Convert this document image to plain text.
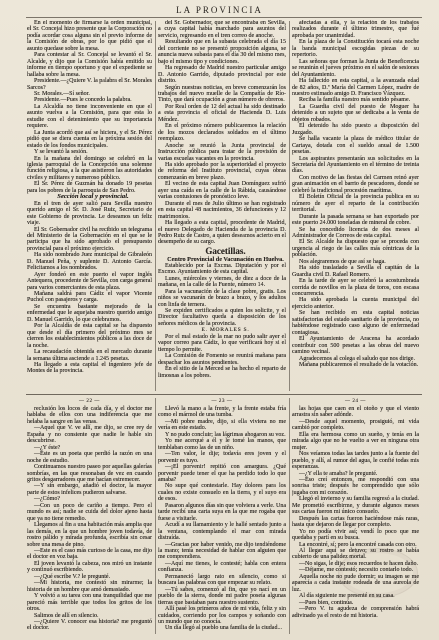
LA PROVINCIA

En el momento de firmarse la orden municipal, el Sr. Concejal hizo presente que la Corporación no podía acordar cosa alguna sin el previo informe de la Comisión de obras, por lo que pidió que el asunto quedase sobre la mesa.

Para contestar al Sr. Concejal se levantó el Sr. Alcalde, y dijo que la Comisión había emitido su informe en tiempo oportuno y que el expediente se hallaba sobre la mesa.

Presidente.—¿Quiere V. la palabra el Sr. Morales Sarcos?

Sr. Morales.—Sí señor.

Presidente.—Pues le concedo la palabra.

La Alcaldía no tiene inconveniente en que el asunto vuelva a la Comisión, para que esta lo estudie con el detenimiento que su importancia requiere.

La Junta acordó que así se hiciera, y el Sr. Pérez pidió que se diera cuenta en la próxima sesión del estado de los fondos municipales.

Y se levantó la sesión.

En la mañana del domingo se celebró en la iglesia parroquial de la Concepción una solemne función religiosa, a la que asistieron las autoridades civiles y militares y numeroso público.

El Sr. Pérez de Guzmán ha donado 19 pesetas para los pobres de la parroquia de San Pedro.

Sección local y provincial.

En el tren de ayer salió para Sevilla nuestro querido amigo el Sr. D. José Ruiz, Secretario de este Gobierno de provincia. Le deseamos un feliz viaje.

El Sr. Gobernador civil ha recibido un telegrama del Ministerio de la Gobernación en el que se le participa que ha sido aprobado el presupuesto provincial para el próximo ejercicio.

Ha sido nombrado Juez municipal de Gibraleón D. Manuel Peña, y suplente D. Antonio García. Felicitamos a los nombrados.

Ayer fondeó en este puerto el vapor inglés Antequera, procedente de Sevilla, con carga general para varios comerciantes de esta plaza.

Mañana saldrá para Cádiz el vapor Vicente Puchol con pasajeros y carga.

Se encuentra bastante mejorado de la enfermedad que le aquejaba nuestro querido amigo D. Manuel Garrido, lo que celebramos.

Por la Alcaldía de esta capital se ha dispuesto que desde el día primero del próximo mes se cierren los establecimientos públicos a las doce de la noche.

La recaudación obtenida en el mercado durante la semana última asciende a 1.245 pesetas.

Ha llegado a esta capital el ingeniero jefe de Montes de la provincia.

del Sr. Gobernador, que se encontraba en Sevilla, a cuya capital había marchado para asuntos del servicio, regresando en el tren correo de anoche.

Resultando que en la subasta celebrada el día 15 del corriente no se presentó proposición alguna, se anuncia nueva subasta para el día 30 del mismo mes, bajo el mismo tipo y condiciones.

Ha regresado de Madrid nuestro particular amigo D. Antonio Garrido, diputado provincial por este distrito.

Según nuestras noticias, en breve comenzarán los trabajos del nuevo muelle de la Compañía de Río-Tinto, que dará ocupación a gran número de obreros.

Por Real orden de 12 del actual ha sido destinado a esta provincia el oficial de Hacienda D. Luis Méndez.

En el próximo número publicaremos la relación de los mozos declarados soldados en el último reemplazo.

Anoche se reunió la Junta provincial de Instrucción pública para tratar de la provisión de varias escuelas vacantes en la provincia.

Ha sido aprobado por la superioridad el proyecto de reforma del Instituto provincial, cuyas obras comenzarán en breve plazo.

El vecino de esta capital Juan Domínguez sufrió ayer una caída en la calle de la Rábida, causándose varias contusiones de pronóstico leve.

Durante el mes de Julio último se han registrado en esta capital 48 nacimientos, 36 defunciones y 12 matrimonios.

Ha llegado a esta capital, procedente de Madrid, el nuevo Delegado de Hacienda de la provincia D. Pedro Ruiz de Castro, a quien deseamos acierto en el desempeño de su cargo.

Gacetillas.

Centro Provincial de Vacunación en Huelva.

Establecido por la Excma. Diputación y por el Excmo. Ayuntamiento de esta capital.

Lunes, miércoles y viernes, de diez a doce de la mañana, en la calle de la Fuente, número 14.

Para la vacunación de la clase pobre, gratis. Los niños se vacunarán de brazo a brazo, y los adultos con linfa de ternera.

Se expiden certificados a quien los solicite, y el Director facultativo queda a disposición de los señores médicos de la provincia.

E. MORALES S.

Por el mal estado de la mar no pudo salir ayer el vapor correo para Cádiz, lo que verificará hoy si el tiempo lo permite.

La Comisión de Fomento se reunirá mañana para despachar los asuntos pendientes.

En el sitio de la Merced se ha hecho el reparto de limosnas a los pobres.

afectadas a ella, y la relación de los trabajos realizados durante el último trimestre, que fué aprobada por unanimidad.

En la plaza de la Constitución tocará esta noche la banda municipal escogidas piezas de su repertorio.

Las señoras que forman la Junta de Beneficencia se reunirán el jueves próximo en el salón de sesiones del Ayuntamiento.

Ha fallecido en esta capital, a la avanzada edad de 82 años, D.ª María del Carmen López, madre de nuestro estimado amigo D. Francisco Vázquez.

Reciba la familia nuestro más sentido pésame.

La Guardia civil del puesto de Moguer ha detenido a un sujeto que se dedicaba a la venta de objetos robados.

El detenido ha sido puesto a disposición del Juzgado.

Se halla vacante la plaza de médico titular de Cartaya, dotada con el sueldo anual de 1.500 pesetas.

Los aspirantes presentarán sus solicitudes en la Secretaría del Ayuntamiento en el término de treinta días.

Con motivo de las fiestas del Carmen reinó ayer gran animación en el barrio de pescadores, donde se celebró la tradicional procesión marítima.

El Boletín Oficial de la provincia publica en su número de ayer el reparto de la contribución territorial.

Durante la pasada semana se han exportado por este puerto 24.000 toneladas de mineral de cobre.

Se ha concedido licencia de dos meses al Administrador de Correos de esta capital.

El Sr. Alcalde ha dispuesto que se proceda con urgencia al riego de las calles más céntricas de la población.

Nos alegraremos de que así se haga.

Ha sido trasladado a Sevilla el capitán de la Guardia civil D. Rafael Romero.

En la tarde de ayer se celebró la acostumbrada corrida de novillos en la plaza de toros, con escasa concurrencia.

Ha sido aprobada la cuenta municipal del ejercicio anterior.

Se han recibido en esta capital noticias satisfactorias del estado sanitario de la provincia, no habiéndose registrado caso alguno de enfermedad contagiosa.

El Ayuntamiento de Aracena ha acordado contribuir con 500 pesetas a las obras del nuevo camino vecinal.

Agradecemos al colega el saludo que nos dirige.

Mañana publicaremos el resultado de la votación.

— 22 —

reclusión los locos de cada día, y el doctor me hablaba de ellos con una indiferencia que me helaba la sangre en las venas.

—Aquel que V. ve allí, me dijo, se cree rey de España y no consiente que nadie le hable sin descubrirse.

—¿Y éste?

—Éste es un poeta que perdió la razón en una noche de estudio.

Continuamos nuestro paseo por aquellas galerías sombrías, en las que resonaban de vez en cuando gritos desgarradores que me hacían estremecer.

—Y sin embargo, añadió el doctor, la mayor parte de estos infelices pudieron salvarse.

—¿Cómo?

—Con un poco de cariño a tiempo. Pero el mundo es así; nadie se cuida del dolor ajeno hasta que ya no tiene remedio.

Llegamos al fin a una habitación más amplia que las demás, en la que un hombre joven todavía, de rostro pálido y mirada profunda, escribía sin cesar sobre una mesa de pino.

—Este es el caso más curioso de la casa, me dijo el doctor en voz baja.

El joven levantó la cabeza, nos miró un instante y continuó escribiendo.

—¿Qué escribe V.? le pregunté.

—Mi historia, me contestó sin mirarme; la historia de un hombre que amó demasiado.

Y volvió a su tarea con una tranquilidad que me pareció más terrible que todos los gritos de los otros.

Salimos de allí en silencio.

—¿Quiere V. conocer esa historia? me preguntó el doctor.

— 23 —

Llevó la mano a la frente, y la frente estaba fría como el mármol de una tumba.

—Mi pobre madre, dijo, si ella viviera no me vería en este estado.

Y no pudo concluir; las lágrimas ahogaron su voz.

Yo me acerqué a él y le tomé las manos, que temblaban como las de un niño.

—Ten valor, le dije; todavía eres joven y el porvenir es tuyo.

—¡El porvenir! repitió con amargura. ¿Qué porvenir puede tener el que ha perdido todo lo que amaba?

No supe qué contestarle. Hay dolores para los cuales no existe consuelo en la tierra, y el suyo era de esos.

Pasaron algunos días sin que volviera a verle. Una tarde recibí una carta suya en la que me rogaba que fuese a visitarle.

Acudí a su llamamiento y le hallé sentado junto a la ventana, contemplando el mar con mirada distraída.

—Gracias por haber venido, me dijo tendiéndome la mano; tenía necesidad de hablar con alguien que me comprendiera.

—Aquí me tienes, le contesté; habla con entera confianza.

Permaneció largo rato en silencio, como si buscara las palabras con que empezar su relato.

—Tú sabes, comenzó al fin, que yo nací en un pueblo de la sierra, donde mi padre poseía algunas tierras que bastaban para nuestro sustento.

Allí pasé los primeros años de mi vida, feliz y sin cuidados, corriendo por los campos y soñando con un mundo que no conocía.

Un día llegó al pueblo una familia de la ciudad...

— 24 —

las hojas que caen en el otoño y que el viento arrastra sin saber adónde.

—Desde aquel momento, prosiguió, mi vida cambió por completo.

Ella era hermosa como un sueño, y tenía en la mirada algo que no he vuelto a ver en ninguna otra mujer.

Nos veíamos todas las tardes junto a la fuente del pueblo, y allí, al rumor del agua, le confié todas mis esperanzas.

—¿Y ella te amaba? le pregunté.

—Eso creí entonces, me respondió con una sonrisa triste; después he comprendido que sólo jugaba con mi corazón.

Llegó el invierno y su familia regresó a la ciudad. Me prometió escribirme, y durante algunos meses sus cartas fueron mi único consuelo.

Después las cartas fueron haciéndose más raras, hasta que dejaron de llegar por completo.

Yo no podía vivir así; vendí lo poco que me quedaba y partí en su busca.

La encontré, sí; pero la encontré casada con otro.

Al llegar aquí se detuvo; su rostro se había cubierto de una palidez mortal.

—No sigas, le dije; esos recuerdos te hacen daño.

—Déjame, me contestó; necesito contarlo todo.

Aquella noche no pude dormir; su imagen se me aparecía a cada instante rodeada de una aureola de luz.

Al día siguiente me presenté en su casa.

—Pues bien, continúa.

—Pero V. tu agudeza de comprensión habrá adivinado ya el resto de mi historia.
